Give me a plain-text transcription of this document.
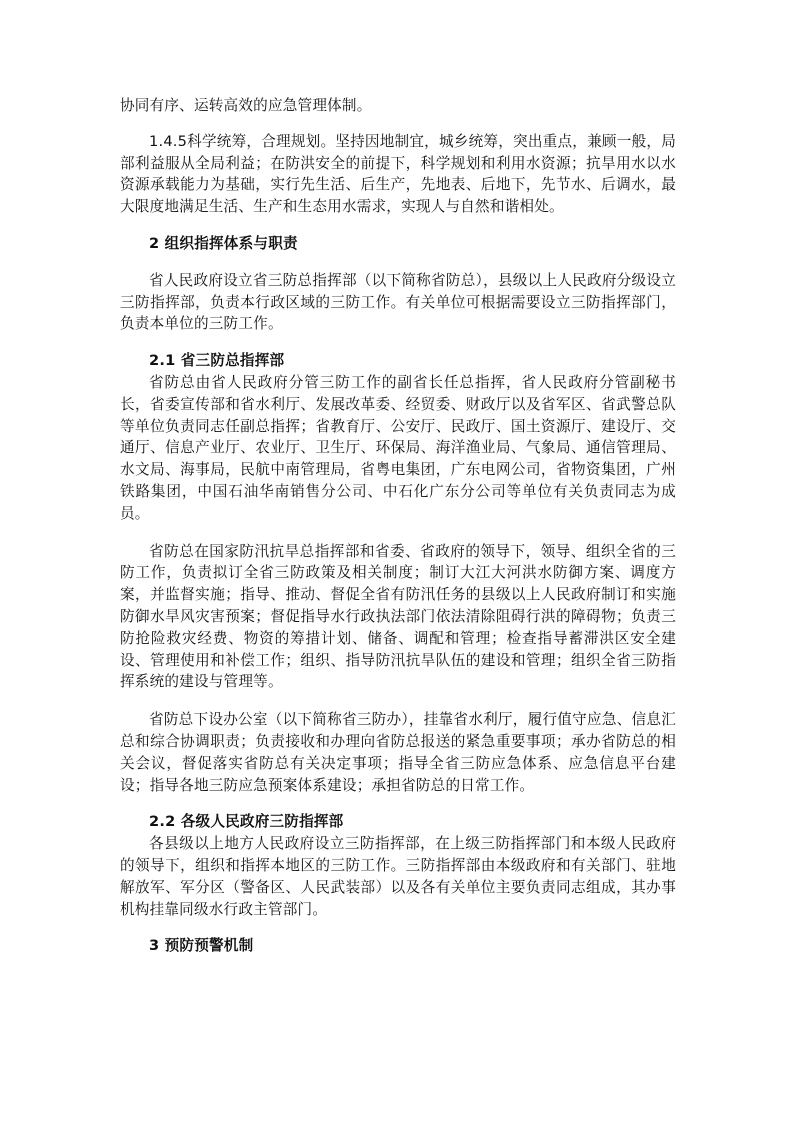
协同有序、运转高效的应急管理体制。

1.4.5科学统筹，合理规划。坚持因地制宜，城乡统筹，突出重点，兼顾一般，局部利益服从全局利益；在防洪安全的前提下，科学规划和利用水资源；抗旱用水以水资源承载能力为基础，实行先生活、后生产，先地表、后地下，先节水、后调水，最大限度地满足生活、生产和生态用水需求，实现人与自然和谐相处。

2 组织指挥体系与职责

省人民政府设立省三防总指挥部（以下简称省防总），县级以上人民政府分级设立三防指挥部，负责本行政区域的三防工作。有关单位可根据需要设立三防指挥部门，负责本单位的三防工作。

2.1 省三防总指挥部

省防总由省人民政府分管三防工作的副省长任总指挥，省人民政府分管副秘书长，省委宣传部和省水利厅、发展改革委、经贸委、财政厅以及省军区、省武警总队等单位负责同志任副总指挥；省教育厅、公安厅、民政厅、国土资源厅、建设厅、交通厅、信息产业厅、农业厅、卫生厅、环保局、海洋渔业局、气象局、通信管理局、水文局、海事局，民航中南管理局，省粤电集团，广东电网公司，省物资集团，广州铁路集团，中国石油华南销售分公司、中石化广东分公司等单位有关负责同志为成员。

省防总在国家防汛抗旱总指挥部和省委、省政府的领导下，领导、组织全省的三防工作，负责拟订全省三防政策及相关制度；制订大江大河洪水防御方案、调度方案，并监督实施；指导、推动、督促全省有防汛任务的县级以上人民政府制订和实施防御水旱风灾害预案；督促指导水行政执法部门依法清除阻碍行洪的障碍物；负责三防抢险救灾经费、物资的筹措计划、储备、调配和管理；检查指导蓄滞洪区安全建设、管理使用和补偿工作；组织、指导防汛抗旱队伍的建设和管理；组织全省三防指挥系统的建设与管理等。

省防总下设办公室（以下简称省三防办），挂靠省水利厅，履行值守应急、信息汇总和综合协调职责；负责接收和办理向省防总报送的紧急重要事项；承办省防总的相关会议，督促落实省防总有关决定事项；指导全省三防应急体系、应急信息平台建设；指导各地三防应急预案体系建设；承担省防总的日常工作。

2.2 各级人民政府三防指挥部

各县级以上地方人民政府设立三防指挥部，在上级三防指挥部门和本级人民政府的领导下，组织和指挥本地区的三防工作。三防指挥部由本级政府和有关部门、驻地解放军、军分区（警备区、人民武装部）以及各有关单位主要负责同志组成，其办事机构挂靠同级水行政主管部门。

3 预防预警机制
